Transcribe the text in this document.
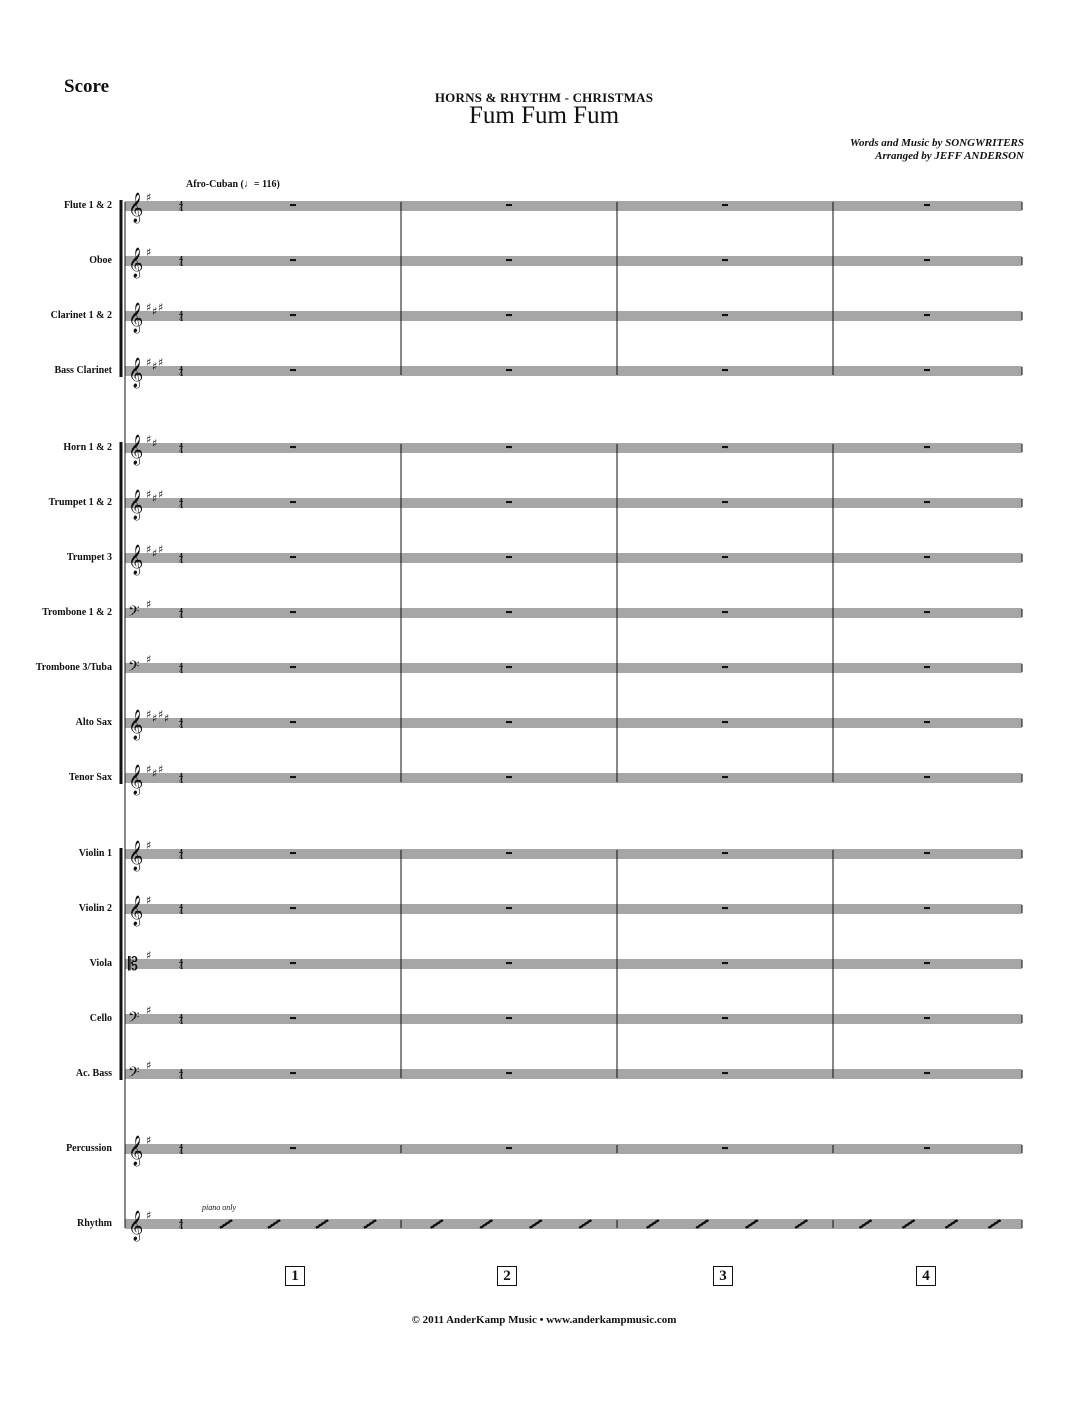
Score
HORNS & RHYTHM - CHRISTMAS
Fum Fum Fum
Words and Music by SONGWRITERS
Arranged by JEFF ANDERSON
Afro-Cuban (♩= 116)
𝄞 ♯
4
4
𝄞 ♯
4
4
𝄞 ♯ ♯ ♯
4
4
𝄞 ♯ ♯ ♯
4
4
𝄞 ♯ ♯	4
4
𝄞 ♯ ♯ ♯
4
4
𝄞 ♯ ♯ ♯
4
4
𝄢 ♯
4
4
𝄢 ♯
4
4
𝄞 ♯ ♯ ♯ ♯ 4
4
𝄞 ♯ ♯ ♯
4
4
𝄞 ♯
4
4
𝄞 ♯
4
4
𝄡 ♯
4
4
𝄢 ♯
4
4
𝄢 ♯
4
4
𝄞 ♯
4
4
𝄞 ♯
4
4
Flute 1 & 2
Oboe
Clarinet 1 & 2
Bass Clarinet
Horn 1 & 2
Trumpet 1 & 2
Trumpet 3
Trombone 1 & 2
Trombone 3/Tuba
Alto Sax
Tenor Sax
Violin 1
Violin 2
Viola
Cello
Ac. Bass
Percussion
Rhythm
piano only
1	2	3	4
© 2011 AnderKamp Music • www.anderkampmusic.com
